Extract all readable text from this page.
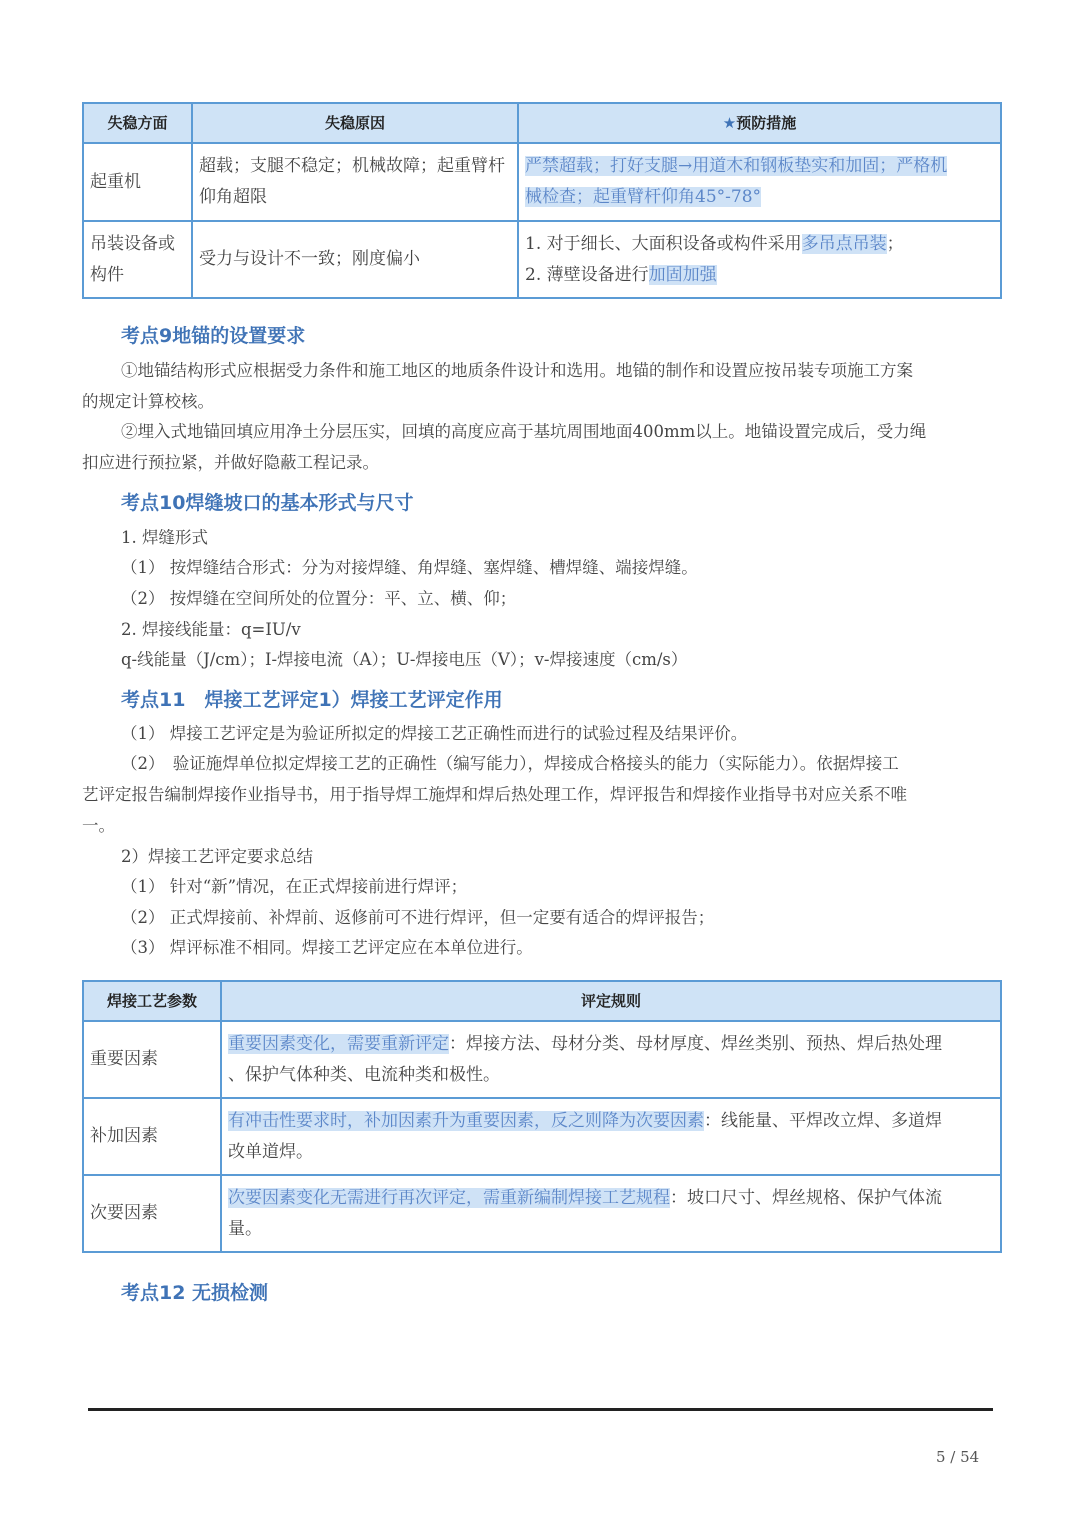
失稳方面	失稳原因	★预防措施
起重机	超载；支腿不稳定；机械故障；起重臂杆仰角超限	严禁超载；打好支腿→用道木和钢板垫实和加固；严格机
械检查；起重臂杆仰角45°-78°
吊装设备或构件	受力与设计不一致；刚度偏小	1. 对于细长、大面积设备或构件采用多吊点吊装；
2. 薄壁设备进行加固加强
考点9地锚的设置要求
①地锚结构形式应根据受力条件和施工地区的地质条件设计和选用。地锚的制作和设置应按吊装专项施工方案
的规定计算校核。
②埋入式地锚回填应用净土分层压实，回填的高度应高于基坑周围地面400mm以上。地锚设置完成后，受力绳
扣应进行预拉紧，并做好隐蔽工程记录。
考点10焊缝坡口的基本形式与尺寸
1. 焊缝形式
（1） 按焊缝结合形式：分为对接焊缝、角焊缝、塞焊缝、槽焊缝、端接焊缝。
（2） 按焊缝在空间所处的位置分：平、立、横、仰；
2. 焊接线能量：q=IU/v
q-线能量（J/cm）；I-焊接电流（A）；U-焊接电压（V）；v-焊接速度（cm/s）
考点11　焊接工艺评定1）焊接工艺评定作用
（1） 焊接工艺评定是为验证所拟定的焊接工艺正确性而进行的试验过程及结果评价。
（2）　验证施焊单位拟定焊接工艺的正确性（编写能力），焊接成合格接头的能力（实际能力）。依据焊接工
艺评定报告编制焊接作业指导书，用于指导焊工施焊和焊后热处理工作，焊评报告和焊接作业指导书对应关系不唯
一。
2）焊接工艺评定要求总结
（1） 针对“新”情况，在正式焊接前进行焊评；
（2） 正式焊接前、补焊前、返修前可不进行焊评，但一定要有适合的焊评报告；
（3） 焊评标准不相同。焊接工艺评定应在本单位进行。
焊接工艺参数	评定规则
重要因素	重要因素变化，需要重新评定：焊接方法、母材分类、母材厚度、焊丝类别、预热、焊后热处理
、保护气体种类、电流种类和极性。
补加因素	有冲击性要求时，补加因素升为重要因素，反之则降为次要因素：线能量、平焊改立焊、多道焊
改单道焊。
次要因素	次要因素变化无需进行再次评定，需重新编制焊接工艺规程：坡口尺寸、焊丝规格、保护气体流
量。
考点12 无损检测
5 / 54
